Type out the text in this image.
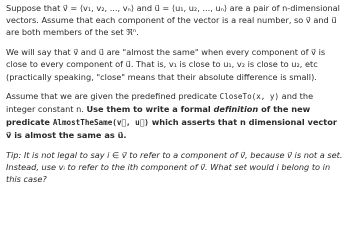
Suppose that v⃗ = ⟨v₁, v₂, ..., vₙ⟩ and u⃗ = ⟨u₁, u₂, ..., uₙ⟩ are a pair of n-dimensional vectors. Assume that each component of the vector is a real number, so v⃗ and u⃗ are both members of the set ℜⁿ.

We will say that v⃗ and u⃗ are "almost the same" when every component of v⃗ is close to every component of u⃗. That is, v₁ is close to u₁, v₂ is close to u₂, etc (practically speaking, "close" means that their absolute difference is small).

Assume that we are given the predefined predicate CloseTo(x, y) and the integer constant n. Use them to write a formal definition of the new predicate AlmostTheSame(v⃗, u⃗) which asserts that n dimensional vector v⃗ is almost the same as u⃗.

Tip: It is not legal to say i ∈ v⃗ to refer to a component of v⃗, because v⃗ is not a set. Instead, use vᵢ to refer to the ith component of v⃗. What set would i belong to in this case?
